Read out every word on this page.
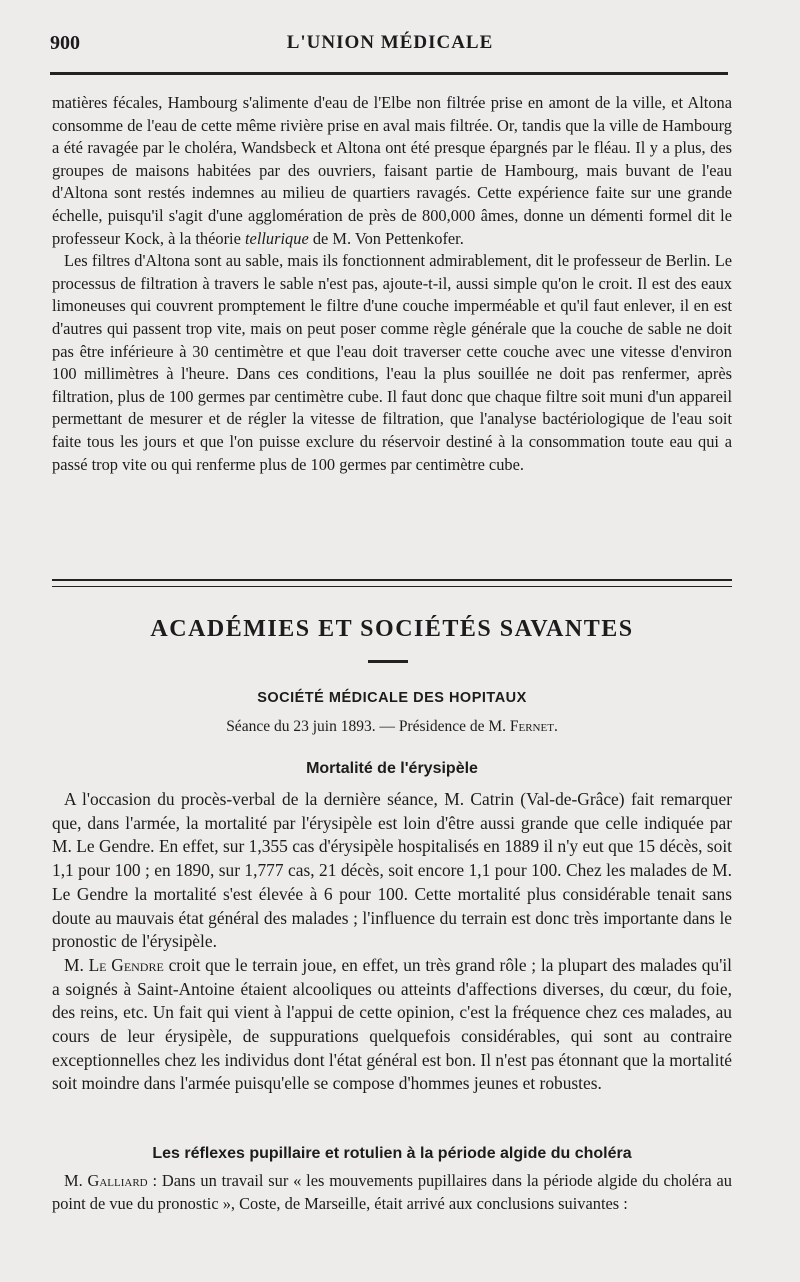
900	L'UNION MÉDICALE

matières fécales, Hambourg s'alimente d'eau de l'Elbe non filtrée prise en amont de la ville, et Altona consomme de l'eau de cette même rivière prise en aval mais filtrée. Or, tandis que la ville de Hambourg a été ravagée par le choléra, Wandsbeck et Altona ont été presque épargnés par le fléau. Il y a plus, des groupes de maisons habitées par des ouvriers, faisant partie de Hambourg, mais buvant de l'eau d'Altona sont restés indemnes au milieu de quartiers ravagés. Cette expérience faite sur une grande échelle, puisqu'il s'agit d'une agglomération de près de 800,000 âmes, donne un démenti formel dit le professeur Kock, à la théorie tellurique de M. Von Pettenkofer.

Les filtres d'Altona sont au sable, mais ils fonctionnent admirablement, dit le professeur de Berlin. Le processus de filtration à travers le sable n'est pas, ajoute-t-il, aussi simple qu'on le croit. Il est des eaux limoneuses qui couvrent promptement le filtre d'une couche imperméable et qu'il faut enlever, il en est d'autres qui passent trop vite, mais on peut poser comme règle générale que la couche de sable ne doit pas être inférieure à 30 centimètre et que l'eau doit traverser cette couche avec une vitesse d'environ 100 millimètres à l'heure. Dans ces conditions, l'eau la plus souillée ne doit pas renfermer, après filtration, plus de 100 germes par centimètre cube. Il faut donc que chaque filtre soit muni d'un appareil permettant de mesurer et de régler la vitesse de filtration, que l'analyse bactériologique de l'eau soit faite tous les jours et que l'on puisse exclure du réservoir destiné à la consommation toute eau qui a passé trop vite ou qui renferme plus de 100 germes par centimètre cube.

ACADÉMIES ET SOCIÉTÉS SAVANTES
SOCIÉTÉ MÉDICALE DES HOPITAUX
Séance du 23 juin 1893. — Présidence de M. Fernet.
Mortalité de l'érysipèle

A l'occasion du procès-verbal de la dernière séance, M. Catrin (Val-de-Grâce) fait remarquer que, dans l'armée, la mortalité par l'érysipèle est loin d'être aussi grande que celle indiquée par M. Le Gendre. En effet, sur 1,355 cas d'érysipèle hospitalisés en 1889 il n'y eut que 15 décès, soit 1,1 pour 100 ; en 1890, sur 1,777 cas, 21 décès, soit encore 1,1 pour 100. Chez les malades de M. Le Gendre la mortalité s'est élevée à 6 pour 100. Cette mortalité plus considérable tenait sans doute au mauvais état général des malades ; l'influence du terrain est donc très importante dans le pronostic de l'érysipèle.

M. Le Gendre croit que le terrain joue, en effet, un très grand rôle ; la plupart des malades qu'il a soignés à Saint-Antoine étaient alcooliques ou atteints d'affections diverses, du cœur, du foie, des reins, etc. Un fait qui vient à l'appui de cette opinion, c'est la fréquence chez ces malades, au cours de leur érysipèle, de suppurations quelquefois considérables, qui sont au contraire exceptionnelles chez les individus dont l'état général est bon. Il n'est pas étonnant que la mortalité soit moindre dans l'armée puisqu'elle se compose d'hommes jeunes et robustes.

Les réflexes pupillaire et rotulien à la période algide du choléra

M. Galliard : Dans un travail sur « les mouvements pupillaires dans la période algide du choléra au point de vue du pronostic », Coste, de Marseille, était arrivé aux conclusions suivantes :
